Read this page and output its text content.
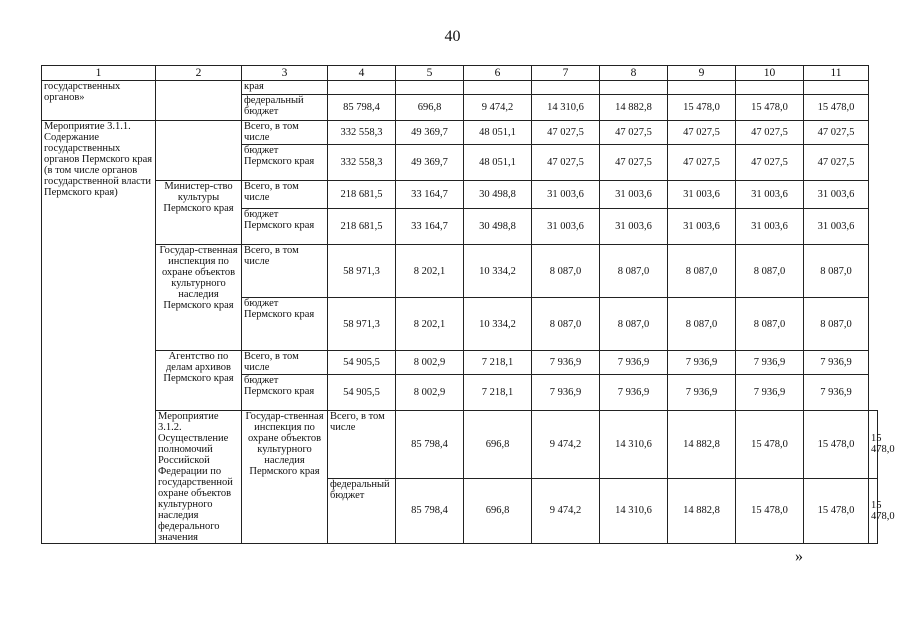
40
1	2	3	4	5	6	7	8	9	10	11	
государственных органов»		края									
		федеральный бюджет	85 798,4	696,8	9 474,2	14 310,6	14 882,8	15 478,0	15 478,0	15 478,0	
Мероприятие 3.1.1. Содержание государственных органов Пермского края (в том числе органов государственной власти Пермского края)		Всего, в том числе	332 558,3	49 369,7	48 051,1	47 027,5	47 027,5	47 027,5	47 027,5	47 027,5	
		бюджет Пермского края	332 558,3	49 369,7	48 051,1	47 027,5	47 027,5	47 027,5	47 027,5	47 027,5	
	Министер-ство культуры Пермского края	Всего, в том числе	218 681,5	33 164,7	30 498,8	31 003,6	31 003,6	31 003,6	31 003,6	31 003,6	
		бюджет Пермского края	218 681,5	33 164,7	30 498,8	31 003,6	31 003,6	31 003,6	31 003,6	31 003,6	
	Государ-ственная инспекция по охране объектов культурного наследия Пермского края	Всего, в том числе	58 971,3	8 202,1	10 334,2	8 087,0	8 087,0	8 087,0	8 087,0	8 087,0	
		бюджет Пермского края	58 971,3	8 202,1	10 334,2	8 087,0	8 087,0	8 087,0	8 087,0	8 087,0	
	Агентство по делам архивов Пермского края	Всего, в том числе	54 905,5	8 002,9	7 218,1	7 936,9	7 936,9	7 936,9	7 936,9	7 936,9	
		бюджет Пермского края	54 905,5	8 002,9	7 218,1	7 936,9	7 936,9	7 936,9	7 936,9	7 936,9	
	Мероприятие 3.1.2. Осуществление полномочий Российской Федерации по государственной охране объектов культурного наследия федерального значения	Государ-ственная инспекция по охране объектов культурного наследия Пермского края	Всего, в том числе	85 798,4	696,8	9 474,2	14 310,6	14 882,8	15 478,0	15 478,0	15 478,0
			федеральный бюджет	85 798,4	696,8	9 474,2	14 310,6	14 882,8	15 478,0	15 478,0	15 478,0
»
